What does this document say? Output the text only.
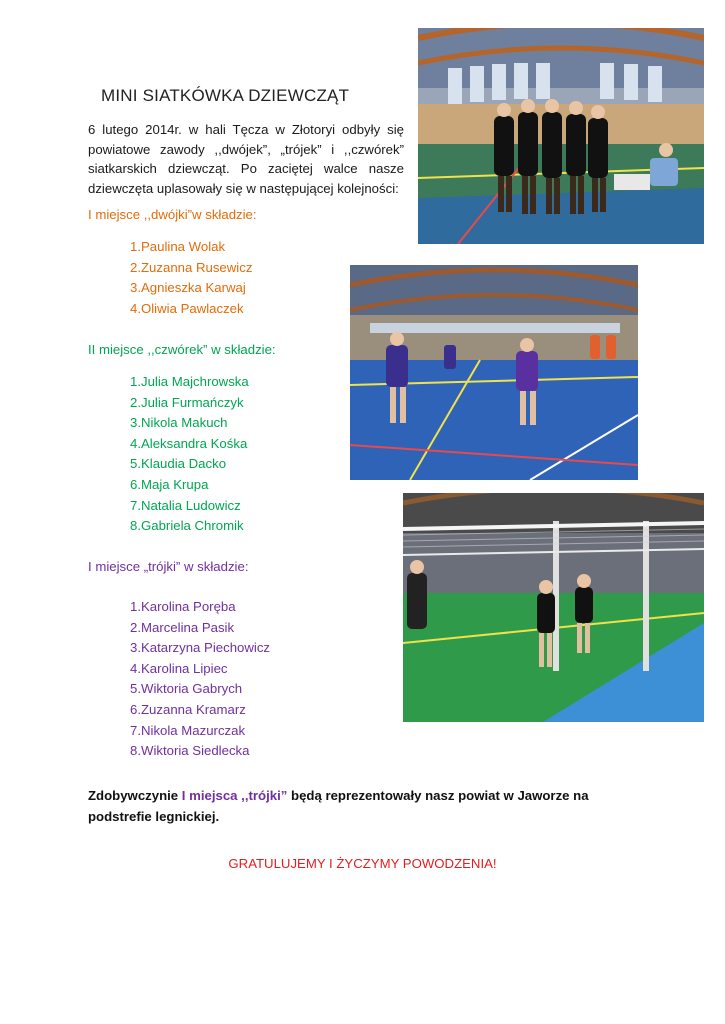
MINI SIATKÓWKA DZIEWCZĄT
6 lutego 2014r. w hali Tęcza w Złotoryi odbyły się powiatowe zawody ,,dwójek”, „trójek” i ,,czwórek” siatkarskich dziewcząt. Po zaciętej walce nasze dziewczęta uplasowały się w następującej kolejności:
I miejsce ,,dwójki”w składzie:
1.Paulina Wolak
2.Zuzanna Rusewicz
3.Agnieszka Karwaj
4.Oliwia Pawlaczek
II miejsce ,,czwórek” w składzie:
1.Julia Majchrowska
2.Julia Furmańczyk
3.Nikola Makuch
4.Aleksandra Kośka
5.Klaudia Dacko
6.Maja Krupa
7.Natalia Ludowicz
8.Gabriela Chromik
I miejsce „trójki” w składzie:
1.Karolina Poręba
2.Marcelina Pasik
3.Katarzyna Piechowicz
4.Karolina Lipiec
5.Wiktoria Gabrych
6.Zuzanna Kramarz
7.Nikola Mazurczak
8.Wiktoria Siedlecka
Zdobywczynie I miejsca ,,trójki” będą reprezentowały nasz powiat w Jaworze na podstrefie legnickiej.
GRATULUJEMY I ŻYCZYMY POWODZENIA!
